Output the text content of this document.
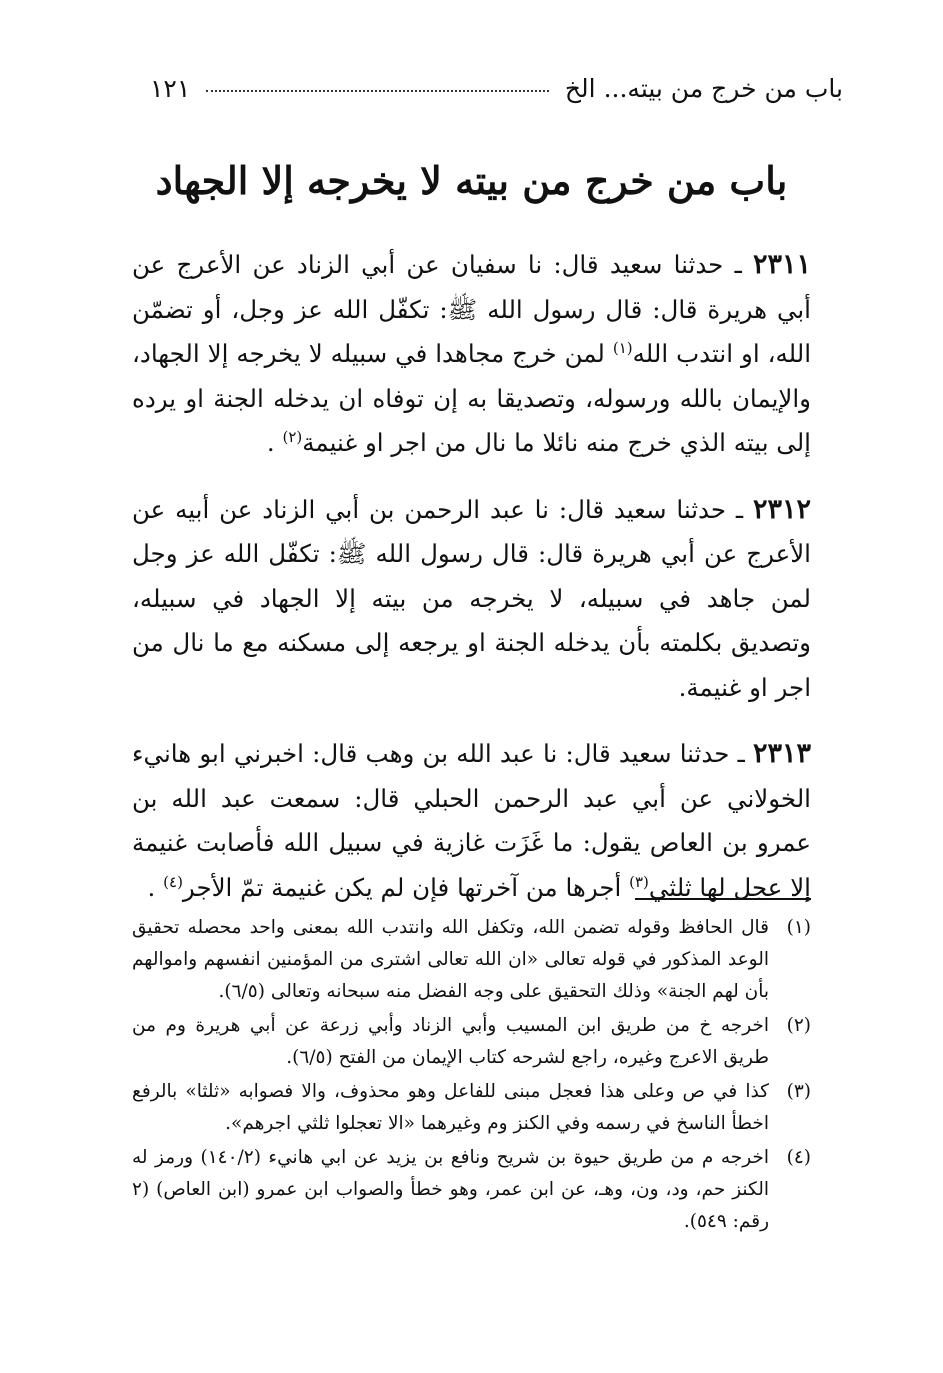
باب من خرج من بيته... الخ
١٢١
باب من خرج من بيته لا يخرجه إلا الجهاد

٢٣١١ ـ حدثنا سعيد قال: نا سفيان عن أبي الزناد عن الأعرج عن أبي هريرة قال: قال رسول الله ﷺ: تكفّل الله عز وجل، أو تضمّن الله، او انتدب الله$^{(١)}$ لمن خرج مجاهدا في سبيله لا يخرجه إلا الجهاد، والإيمان بالله ورسوله، وتصديقا به إن توفاه ان يدخله الجنة او يرده إلى بيته الذي خرج منه نائلا ما نال من اجر او غنيمة$^{(٢)}$ .

٢٣١٢ ـ حدثنا سعيد قال: نا عبد الرحمن بن أبي الزناد عن أبيه عن الأعرج عن أبي هريرة قال: قال رسول الله ﷺ: تكفّل الله عز وجل لمن جاهد في سبيله، لا يخرجه من بيته إلا الجهاد في سبيله، وتصديق بكلمته بأن يدخله الجنة او يرجعه إلى مسكنه مع ما نال من اجر او غنيمة.

٢٣١٣ ـ حدثنا سعيد قال: نا عبد الله بن وهب قال: اخبرني ابو هانيء الخولاني عن أبي عبد الرحمن الحبلي قال: سمعت عبد الله بن عمرو بن العاص يقول: ما غَزَت غازية في سبيل الله فأصابت غنيمة إلا عجل لها ثلثي$^{(٣)}$ أجرها من آخرتها فإن لم يكن غنيمة تمّ الأجر$^{(٤)}$ .

(١)
قال الحافظ وقوله تضمن الله، وتكفل الله وانتدب الله بمعنى واحد محصله تحقيق الوعد المذكور في قوله تعالى «ان الله تعالى اشترى من المؤمنين انفسهم واموالهم بأن لهم الجنة» وذلك التحقيق على وجه الفضل منه سبحانه وتعالى (٦/٥).
(٢)
اخرجه خ من طريق ابن المسيب وأبي الزناد وأبي زرعة عن أبي هريرة وم من طريق الاعرج وغيره، راجع لشرحه كتاب الإيمان من الفتح (٦/٥).
(٣)
كذا في ص وعلى هذا فعجل مبنى للفاعل وهو محذوف، والا فصوابه «ثلثا» بالرفع اخطأ الناسخ في رسمه وفي الكنز وم وغيرهما «الا تعجلوا ثلثي اجرهم».
(٤)
اخرجه م من طريق حيوة بن شريح ونافع بن يزيد عن ابي هانيء (١٤٠/٢) ورمز له الكنز حم، ود، ون، وهـ، عن ابن عمر، وهو خطأ والصواب ابن عمرو (ابن العاص) (٢ رقم: ٥٤٩).
